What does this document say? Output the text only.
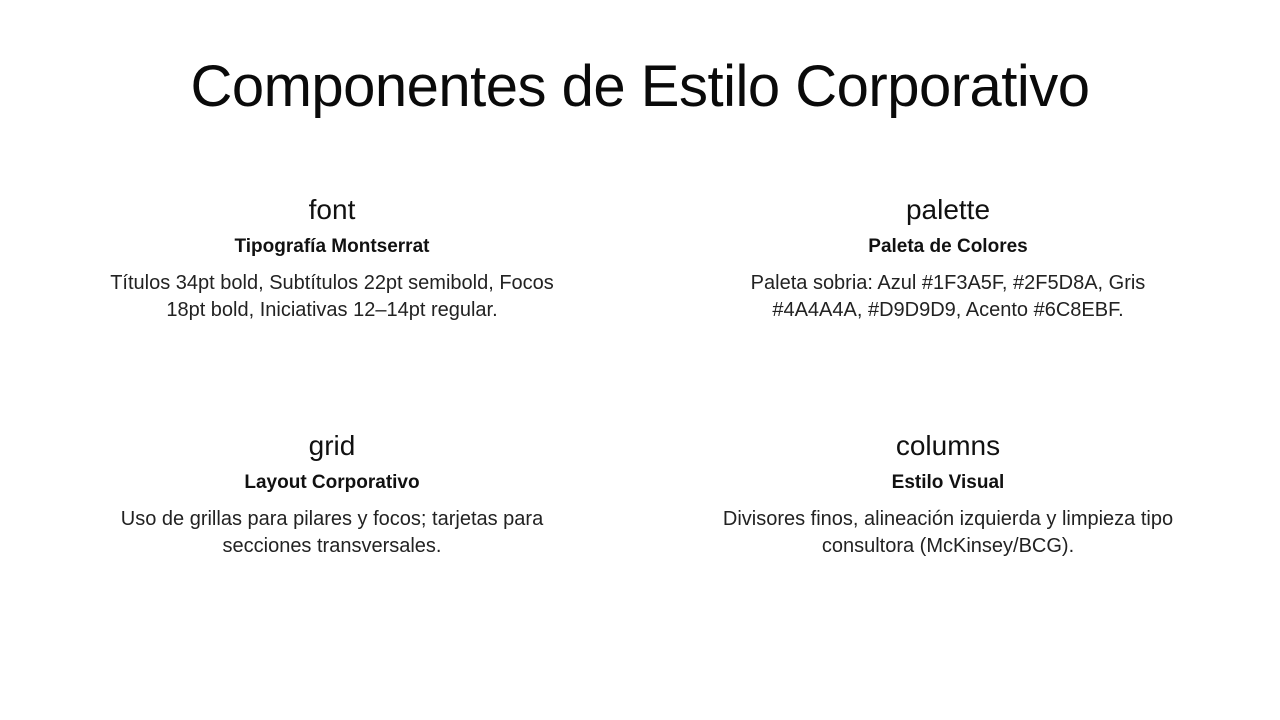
Componentes de Estilo Corporativo
font
Tipografía Montserrat
Títulos 34pt bold, Subtítulos 22pt semibold, Focos 18pt bold, Iniciativas 12–14pt regular.
palette
Paleta de Colores
Paleta sobria: Azul #1F3A5F, #2F5D8A, Gris #4A4A4A, #D9D9D9, Acento #6C8EBF.
grid
Layout Corporativo
Uso de grillas para pilares y focos; tarjetas para secciones transversales.
columns
Estilo Visual
Divisores finos, alineación izquierda y limpieza tipo consultora (McKinsey/BCG).
